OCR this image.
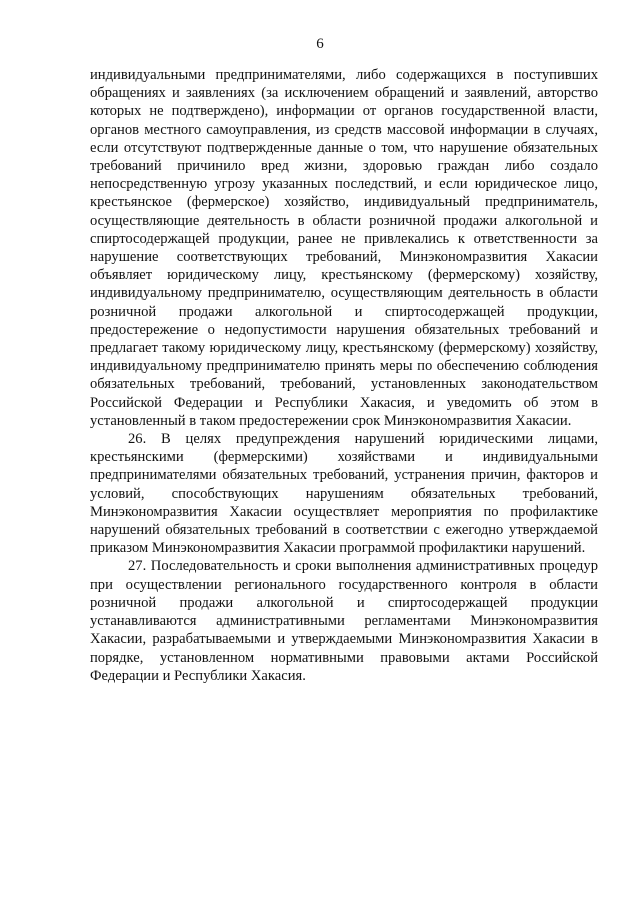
6

индивидуальными предпринимателями, либо содержащихся в поступивших обращениях и заявлениях (за исключением обращений и заявлений, авторство которых не подтверждено), информации от органов государственной власти, органов местного самоуправления, из средств массовой информации в случаях, если отсутствуют подтвержденные данные о том, что нарушение обязательных требований причинило вред жизни, здоровью граждан либо создало непосредственную угрозу указанных последствий, и если юридическое лицо, крестьянское (фермерское) хозяйство, индивидуальный предприниматель, осуществляющие деятельность в области розничной продажи алкогольной и спиртосодержащей продукции, ранее не привлекались к ответственности за нарушение соответствующих требований, Минэкономразвития Хакасии объявляет юридическому лицу, крестьянскому (фермерскому) хозяйству, индивидуальному предпринимателю, осуществляющим деятельность в области розничной продажи алкогольной и спиртосодержащей продукции, предостережение о недопустимости нарушения обязательных требований и предлагает такому юридическому лицу, крестьянскому (фермерскому) хозяйству, индивидуальному предпринимателю принять меры по обеспечению соблюдения обязательных требований, требований, установленных законодательством Российской Федерации и Республики Хакасия, и уведомить об этом в установленный в таком предостережении срок Минэкономразвития Хакасии.

26. В целях предупреждения нарушений юридическими лицами, крестьянскими (фермерскими) хозяйствами и индивидуальными предпринимателями обязательных требований, устранения причин, факторов и условий, способствующих нарушениям обязательных требований, Минэкономразвития Хакасии осуществляет мероприятия по профилактике нарушений обязательных требований в соответствии с ежегодно утверждаемой приказом Минэкономразвития Хакасии программой профилактики нарушений.

27. Последовательность и сроки выполнения административных процедур при осуществлении регионального государственного контроля в области розничной продажи алкогольной и спиртосодержащей продукции устанавливаются административными регламентами Минэкономразвития Хакасии, разрабатываемыми и утверждаемыми Минэкономразвития Хакасии в порядке, установленном нормативными правовыми актами Российской Федерации и Республики Хакасия.
